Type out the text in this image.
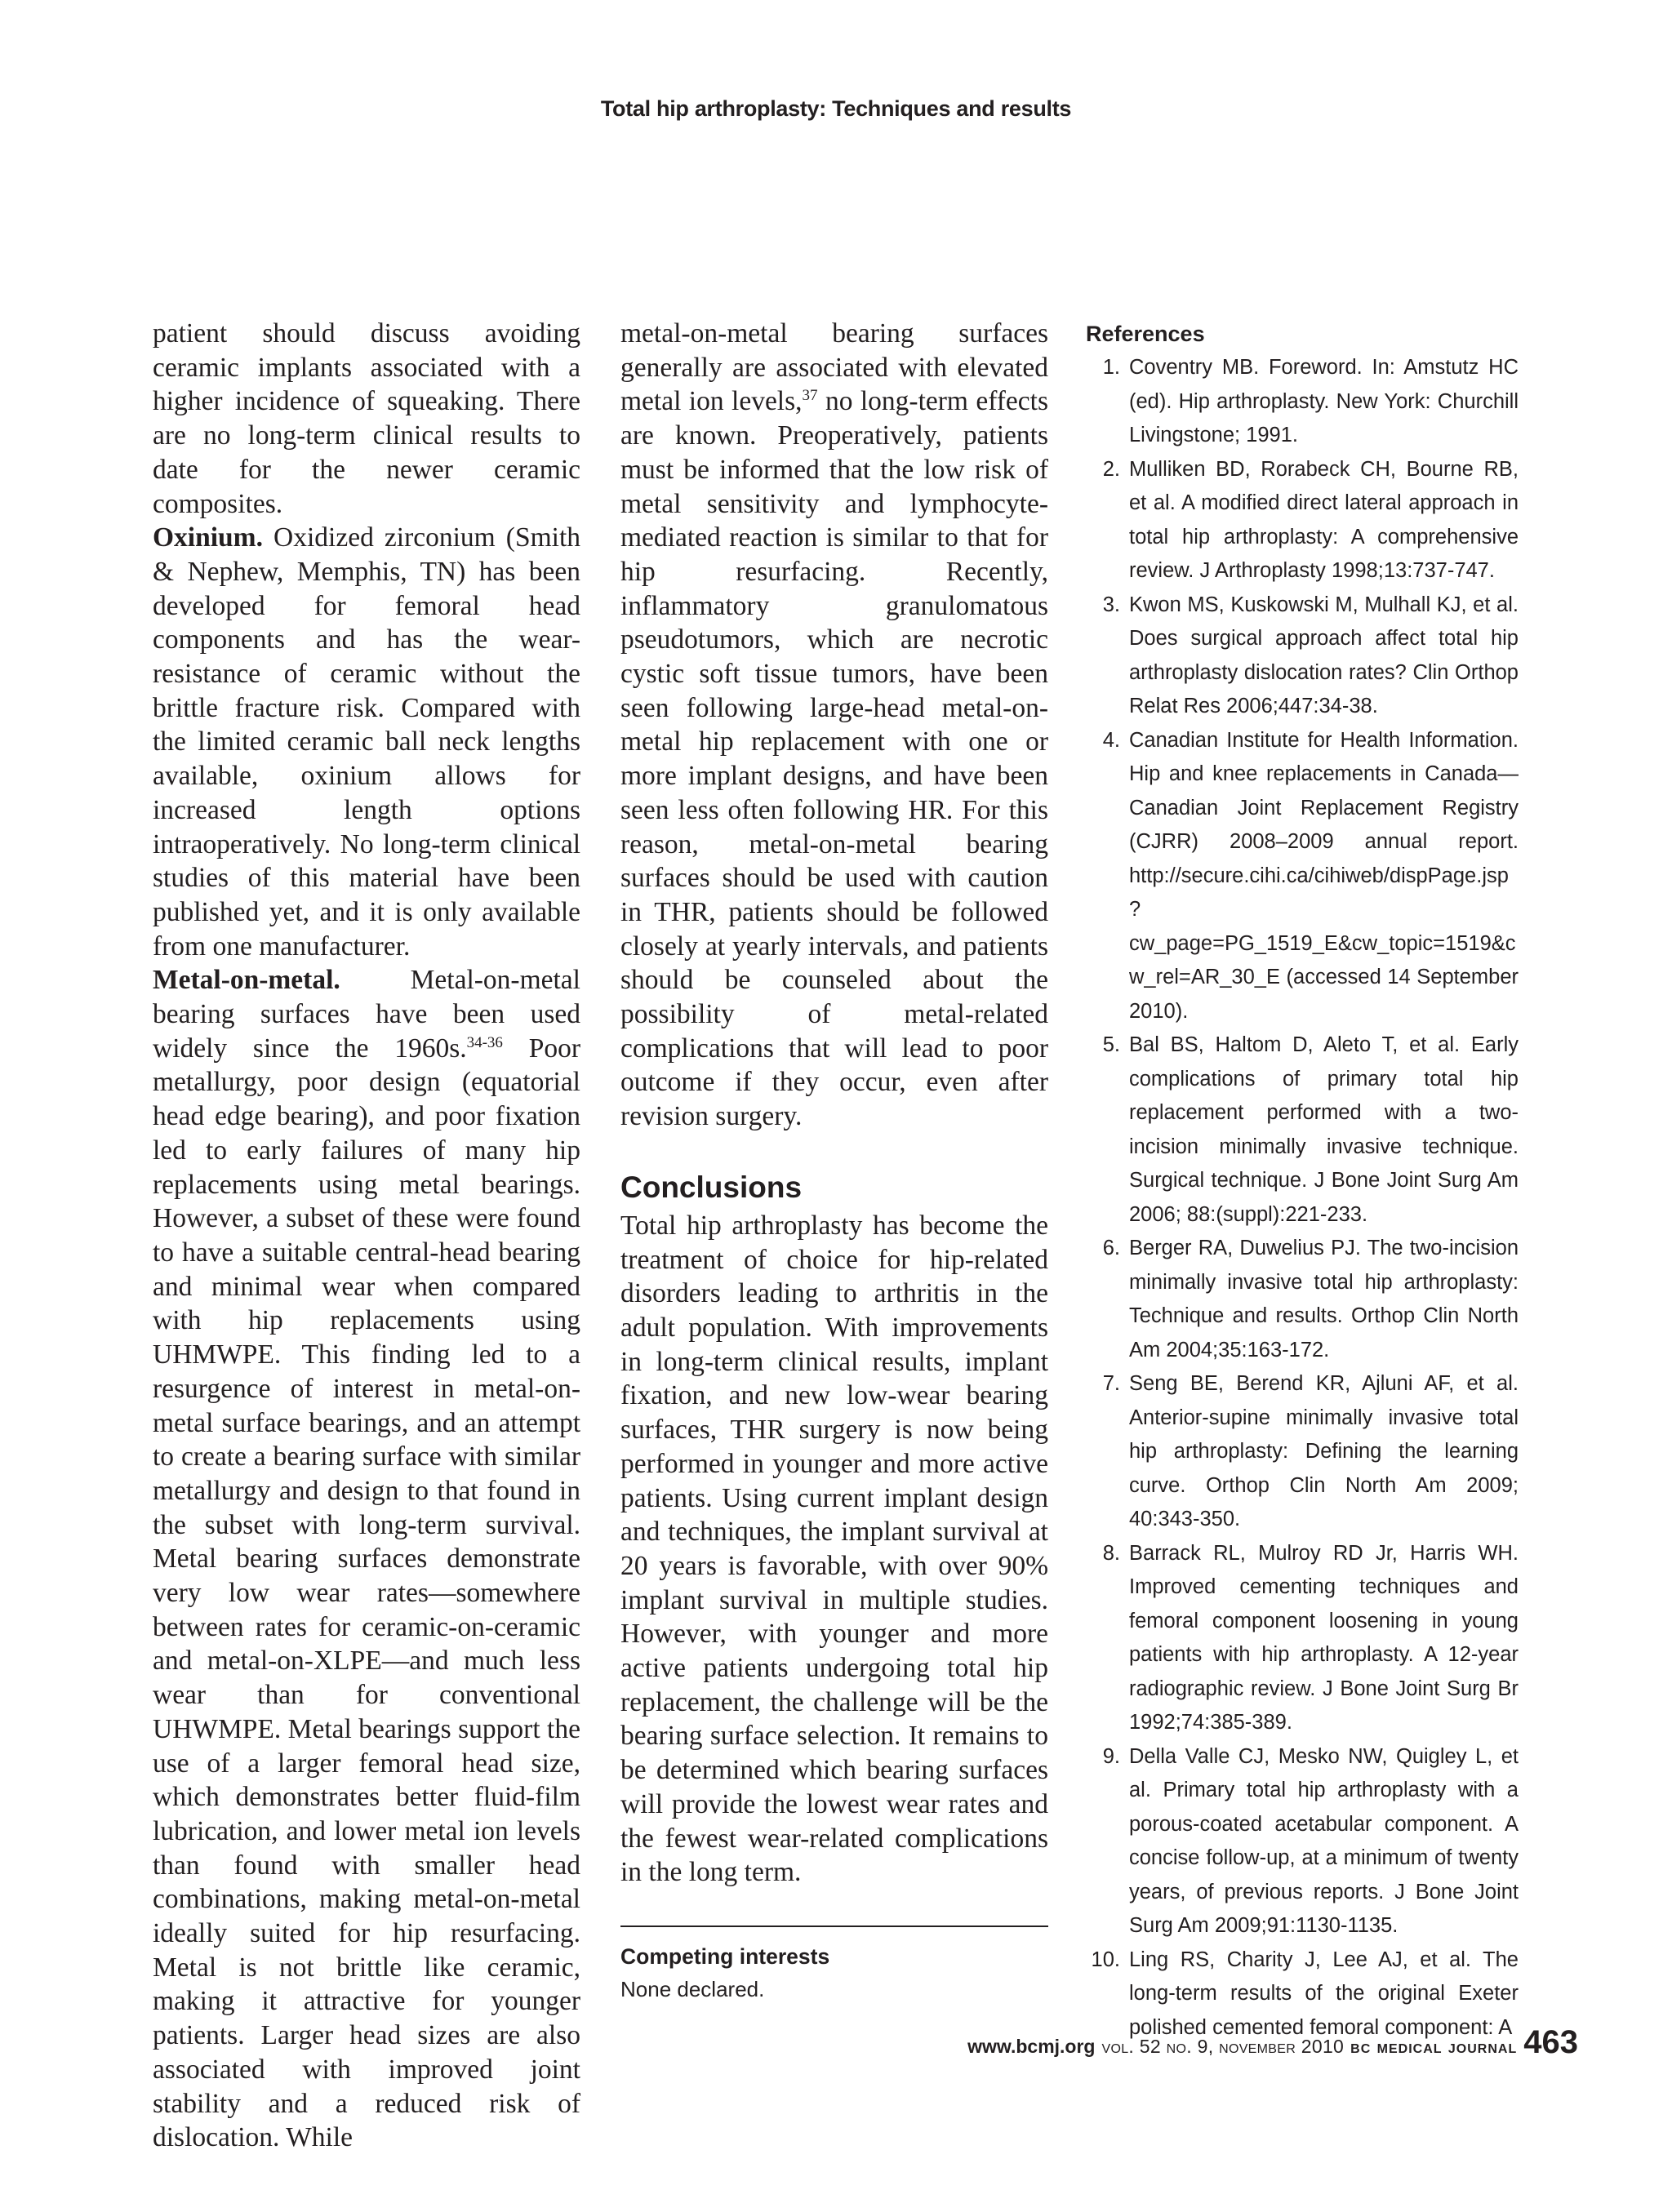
Total hip arthroplasty: Techniques and results

patient should discuss avoiding ceramic implants associated with a higher incidence of squeaking. There are no long-term clinical results to date for the newer ceramic composites.

Oxinium. Oxidized zirconium (Smith & Nephew, Memphis, TN) has been developed for femoral head components and has the wear-resistance of ceramic without the brittle fracture risk. Compared with the limited ceramic ball neck lengths available, oxinium allows for increased length options intraoperatively. No long-term clinical studies of this material have been published yet, and it is only available from one manufacturer.

Metal-on-metal.	Metal-on-metal bearing surfaces have been used widely since the 1960s.$^{34-36}$ Poor metallurgy, poor design (equatorial head edge bearing), and poor fixation led to early failures of many hip replacements using metal bearings. However, a subset of these were found to have a suitable central-head bearing and minimal wear when compared with hip replacements using UHMWPE. This finding led to a resurgence of interest in metal-on-metal surface bearings, and an attempt to create a bearing surface with similar metallurgy and design to that found in the subset with long-term survival. Metal bearing surfaces demonstrate very low wear rates—somewhere between rates for ceramic-on-ceramic and metal-on-XLPE—and much less wear than for conventional UHWMPE. Metal bearings support the use of a larger femoral head size, which demonstrates better fluid-film lubrication, and lower metal ion levels than found with smaller head combinations, making metal-on-metal ideally suited for hip resurfacing. Metal is not brittle like ceramic, making it attractive for younger patients. Larger head sizes are also associated with improved joint stability and a reduced risk of dislocation. While

metal-on-metal bearing surfaces generally are associated with elevated metal ion levels,$^{37}$ no long-term effects are known. Preoperatively, patients must be informed that the low risk of metal sensitivity and lymphocyte-mediated reaction is similar to that for hip resurfacing. Recently, inflammatory granulomatous pseudotumors, which are necrotic cystic soft tissue tumors, have been seen following large-head metal-on-metal hip replacement with one or more implant designs, and have been seen less often following HR. For this reason, metal-on-metal bearing surfaces should be used with caution in THR, patients should be followed closely at yearly intervals, and patients should be counseled about the possibility of metal-related complications that will lead to poor outcome if they occur, even after revision surgery.

Conclusions

Total hip arthroplasty has become the treatment of choice for hip-related disorders leading to arthritis in the adult population. With improvements in long-term clinical results, implant fixation, and new low-wear bearing surfaces, THR surgery is now being performed in younger and more active patients. Using current implant design and techniques, the implant survival at 20 years is favorable, with over 90% implant survival in multiple studies. However, with younger and more active patients undergoing total hip replacement, the challenge will be the bearing surface selection. It remains to be determined which bearing surfaces will provide the lowest wear rates and the fewest wear-related complications in the long term.

Competing interests
None declared.
References
1. Coventry MB. Foreword. In: Amstutz HC (ed). Hip arthroplasty. New York: Churchill Livingstone; 1991.
2. Mulliken BD, Rorabeck CH, Bourne RB, et al. A modified direct lateral approach in total hip arthroplasty: A comprehensive review. J Arthroplasty 1998;13:737-747.
3. Kwon MS, Kuskowski M, Mulhall KJ, et al. Does surgical approach affect total hip arthroplasty dislocation rates? Clin Orthop Relat Res 2006;447:34-38.
4. Canadian Institute for Health Information. Hip and knee replacements in Canada—Canadian Joint Replacement Registry (CJRR) 2008–2009 annual report. http://secure.cihi.ca/cihiweb/dispPage.jsp?cw_page=PG_1519_E&cw_topic=1519&cw_rel=AR_30_E (accessed 14 September 2010).
5. Bal BS, Haltom D, Aleto T, et al. Early complications of primary total hip replacement performed with a two-incision minimally invasive technique. Surgical technique. J Bone Joint Surg Am 2006; 88:(suppl):221-233.
6. Berger RA, Duwelius PJ. The two-incision minimally invasive total hip arthroplasty: Technique and results. Orthop Clin North Am 2004;35:163-172.
7. Seng BE, Berend KR, Ajluni AF, et al. Anterior-supine minimally invasive total hip arthroplasty: Defining the learning curve. Orthop Clin North Am 2009; 40:343-350.
8. Barrack RL, Mulroy RD Jr, Harris WH. Improved cementing techniques and femoral component loosening in young patients with hip arthroplasty. A 12-year radiographic review. J Bone Joint Surg Br 1992;74:385-389.
9. Della Valle CJ, Mesko NW, Quigley L, et al. Primary total hip arthroplasty with a porous-coated acetabular component. A concise follow-up, at a minimum of twenty years, of previous reports. J Bone Joint Surg Am 2009;91:1130-1135.
10. Ling RS, Charity J, Lee AJ, et al. The long-term results of the original Exeter polished cemented femoral component: A
www.bcmj.org vol. 52 no. 9, november 2010 bc medical journal 463
